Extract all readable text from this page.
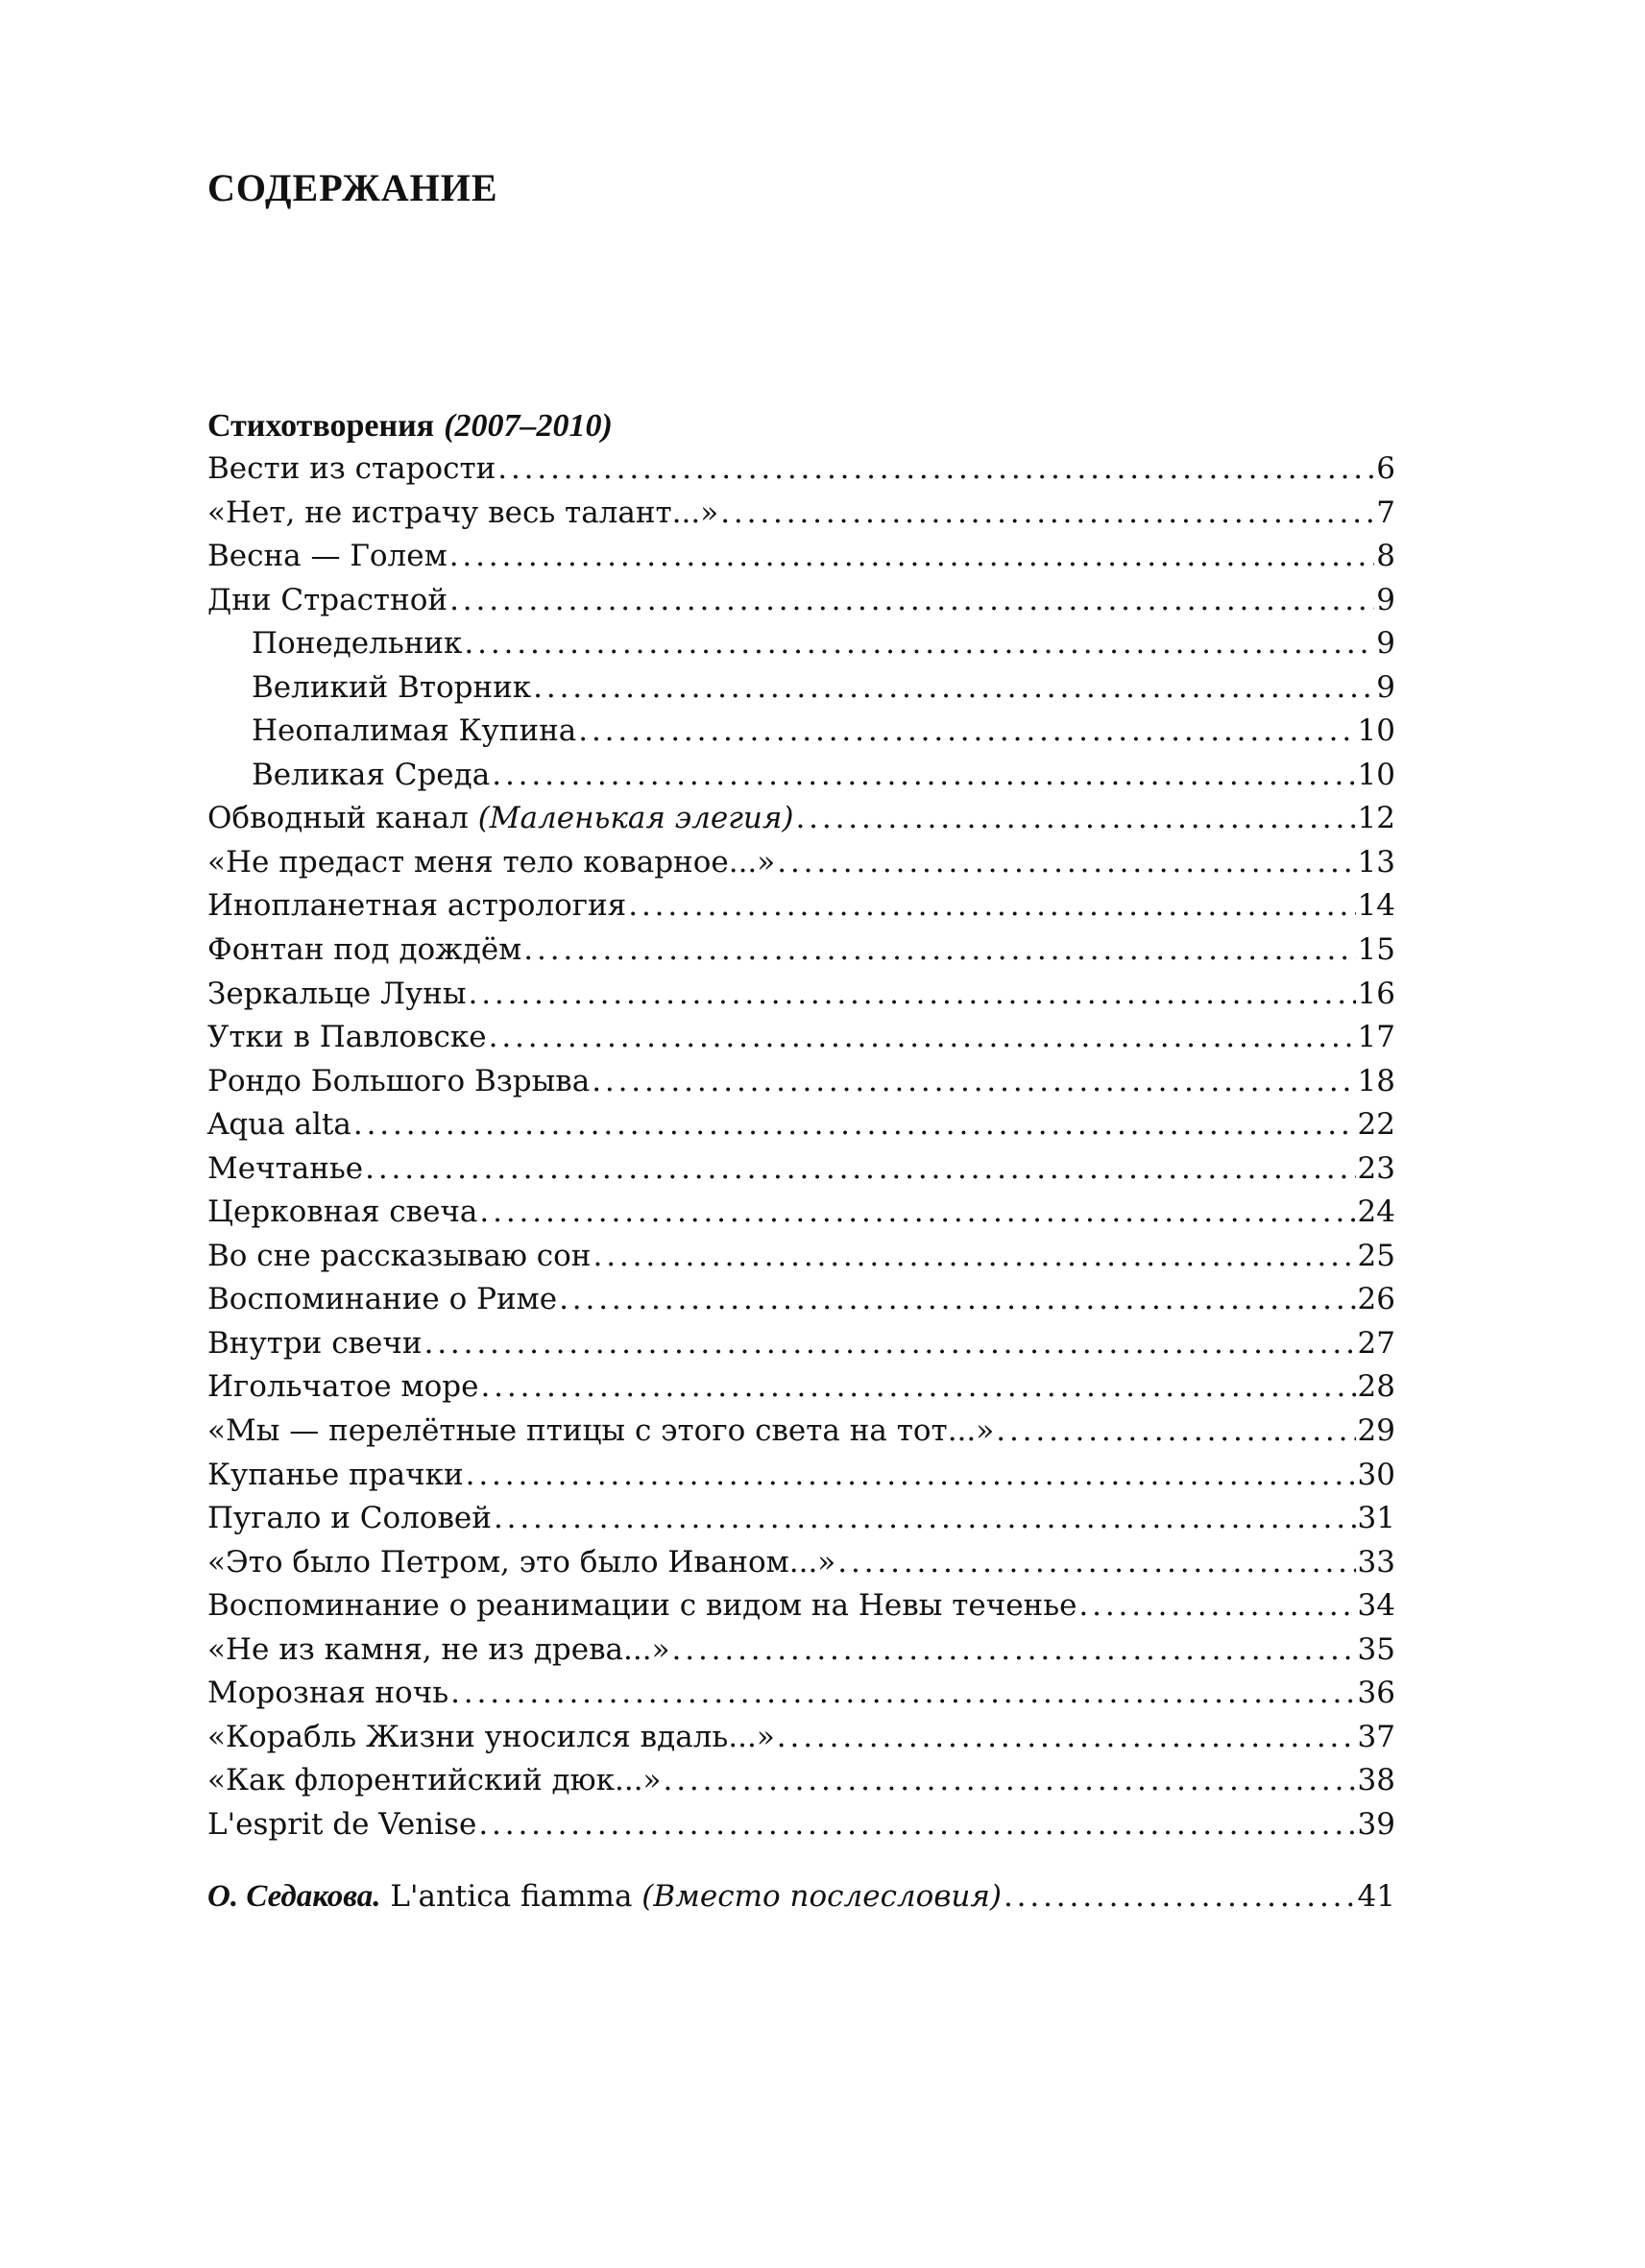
СОДЕРЖАНИЕ
Стихотворения (2007–2010)
Вести из старости . . .	6
«Нет, не истрачу весь талант...» . . .	7
Весна — Голем . . .	8
Дни Страстной . . .	9
Понедельник . . .	9
Великий Вторник . . .	9
Неопалимая Купина . . .	10
Великая Среда . . .	10
Обводный канал (Маленькая элегия) . . .	12
«Не предаст меня тело коварное...» . . .	13
Инопланетная астрология . . .	14
Фонтан под дождём . . .	15
Зеркальце Луны . . .	16
Утки в Павловске . . .	17
Рондо Большого Взрыва . . .	18
Aqua alta . . .	22
Мечтанье . . .	23
Церковная свеча . . .	24
Во сне рассказываю сон . . .	25
Воспоминание о Риме . . .	26
Внутри свечи . . .	27
Игольчатое море . . .	28
«Мы — перелётные птицы с этого света на тот...» . . .	29
Купанье прачки . . .	30
Пугало и Соловей . . .	31
«Это было Петром, это было Иваном...» . . .	33
Воспоминание о реанимации с видом на Невы теченье . . .	34
«Не из камня, не из древа...» . . .	35
Морозная ночь . . .	36
«Корабль Жизни уносился вдаль...» . . .	37
«Как флорентийский дюк...» . . .	38
L'esprit de Venise . . .	39
О. Седакова. L'antica fiamma (Вместо послесловия) . . .	41
